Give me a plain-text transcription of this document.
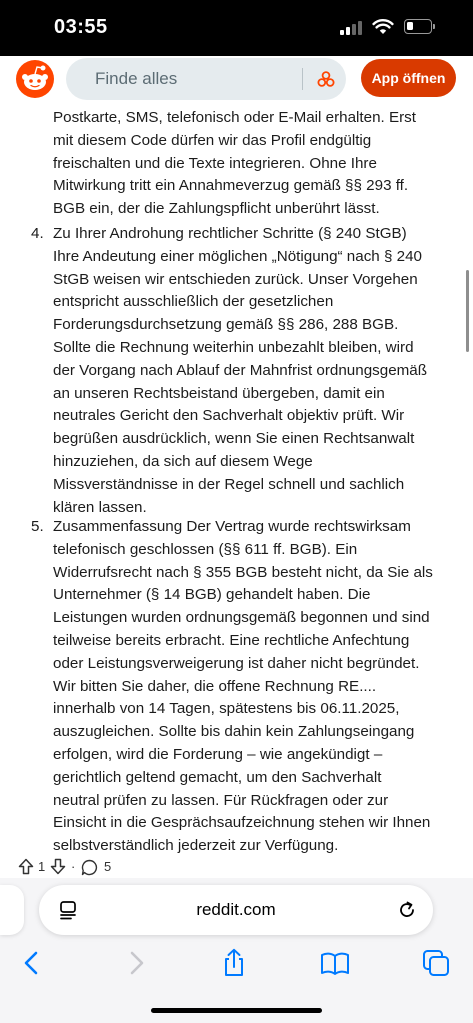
03:55
Finde alles	App öffnen
Postkarte, SMS, telefonisch oder E-Mail erhalten. Erst
mit diesem Code dürfen wir das Profil endgültig
freischalten und die Texte integrieren. Ohne Ihre
Mitwirkung tritt ein Annahmeverzug gemäß §§ 293 ff.
BGB ein, der die Zahlungspflicht unberührt lässt.
4. Zu Ihrer Androhung rechtlicher Schritte (§ 240 StGB)
Ihre Andeutung einer möglichen „Nötigung“ nach § 240
StGB weisen wir entschieden zurück. Unser Vorgehen
entspricht ausschließlich der gesetzlichen
Forderungsdurchsetzung gemäß §§ 286, 288 BGB.
Sollte die Rechnung weiterhin unbezahlt bleiben, wird
der Vorgang nach Ablauf der Mahnfrist ordnungsgemäß
an unseren Rechtsbeistand übergeben, damit ein
neutrales Gericht den Sachverhalt objektiv prüft. Wir
begrüßen ausdrücklich, wenn Sie einen Rechtsanwalt
hinzuziehen, da sich auf diesem Wege
Missverständnisse in der Regel schnell und sachlich
klären lassen.
5. Zusammenfassung Der Vertrag wurde rechtswirksam
telefonisch geschlossen (§§ 611 ff. BGB). Ein
Widerrufsrecht nach § 355 BGB besteht nicht, da Sie als
Unternehmer (§ 14 BGB) gehandelt haben. Die
Leistungen wurden ordnungsgemäß begonnen und sind
teilweise bereits erbracht. Eine rechtliche Anfechtung
oder Leistungsverweigerung ist daher nicht begründet.
Wir bitten Sie daher, die offene Rechnung RE....
innerhalb von 14 Tagen, spätestens bis 06.11.2025,
auszugleichen. Sollte bis dahin kein Zahlungseingang
erfolgen, wird die Forderung – wie angekündigt –
gerichtlich geltend gemacht, um den Sachverhalt
neutral prüfen zu lassen. Für Rückfragen oder zur
Einsicht in die Gesprächsaufzeichnung stehen wir Ihnen
selbstverständlich jederzeit zur Verfügung.
1 · 5
reddit.com
